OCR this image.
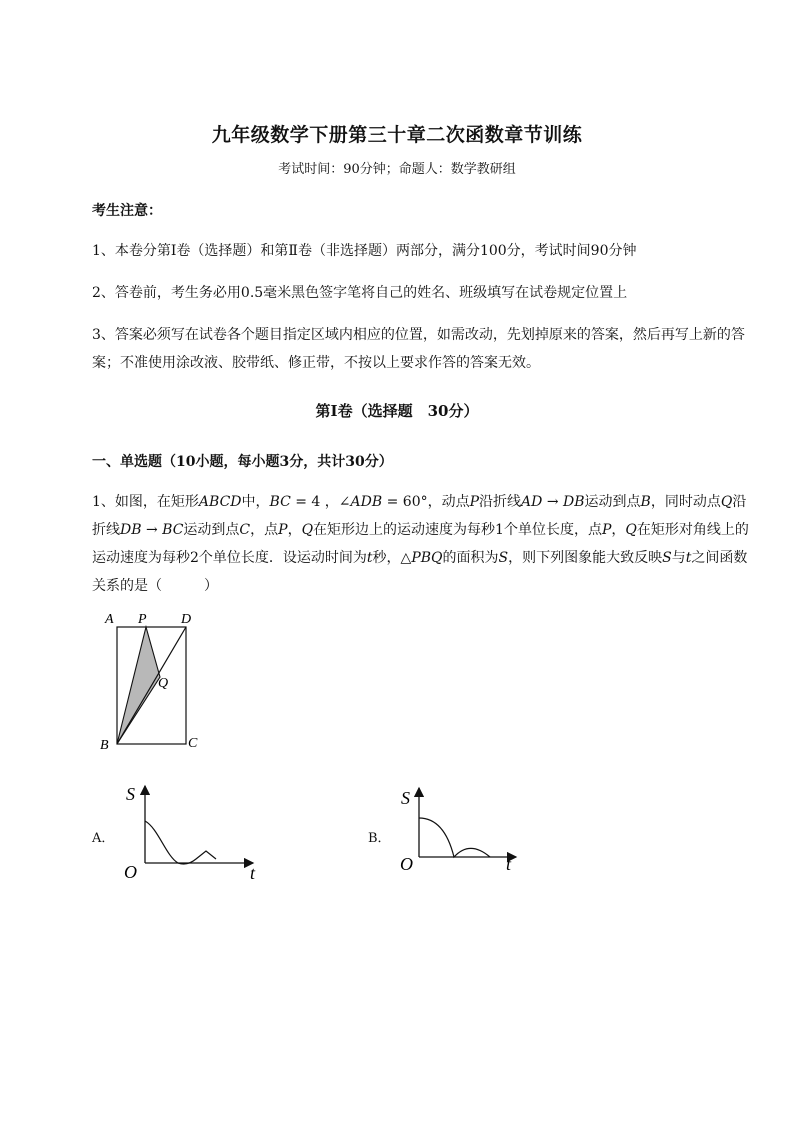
九年级数学下册第三十章二次函数章节训练
考试时间：90分钟；命题人：数学教研组
考生注意：
1、本卷分第I卷（选择题）和第Ⅱ卷（非选择题）两部分，满分100分，考试时间90分钟
2、答卷前，考生务必用0.5毫米黑色签字笔将自己的姓名、班级填写在试卷规定位置上
3、答案必须写在试卷各个题目指定区域内相应的位置，如需改动，先划掉原来的答案，然后再写上新的答案；不准使用涂改液、胶带纸、修正带，不按以上要求作答的答案无效。
第I卷（选择题　30分）
一、单选题（10小题，每小题3分，共计30分）
1、如图，在矩形ABCD中，BC = 4 ，∠ADB = 60°，动点P沿折线AD → DB运动到点B，同时动点Q沿折线DB → BC运动到点C，点P，Q在矩形边上的运动速度为每秒1个单位长度，点P，Q在矩形对角线上的运动速度为每秒2个单位长度．设运动时间为t秒，△PBQ的面积为S，则下列图象能大致反映S与t之间函数关系的是（　　　）
A P D
Q
B	C
A．
S
O	t
B．
S
O	t
